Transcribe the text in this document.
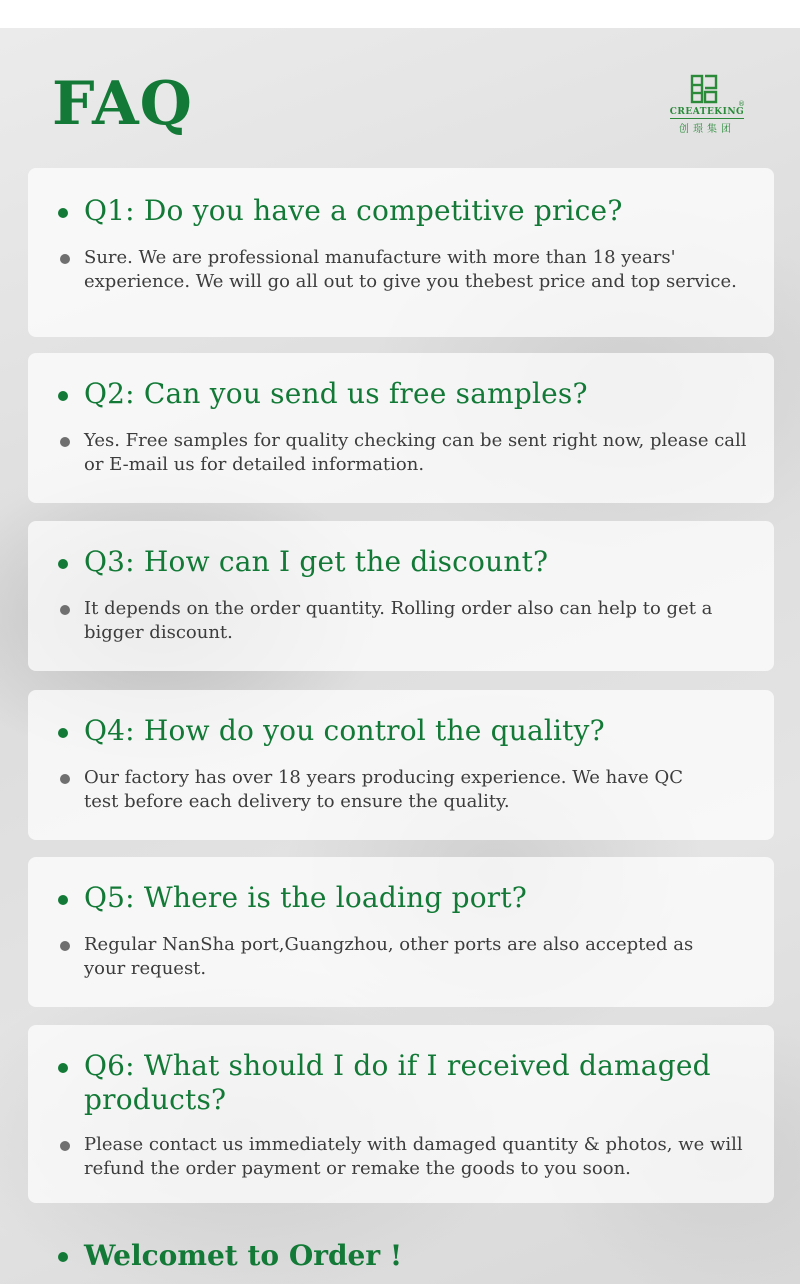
FAQ	®
CREATEKING
创璟集团
Q1: Do you have a competitive price?
Sure. We are professional manufacture with more than 18 years' experience. We will go all out to give you thebest price and top service.
Q2: Can you send us free samples?
Yes. Free samples for quality checking can be sent right now, please call or E-mail us for detailed information.
Q3: How can I get the discount?
It depends on the order quantity. Rolling order also can help to get a bigger discount.
Q4: How do you control the quality?
Our factory has over 18 years producing experience. We have QC test before each delivery to ensure the quality.
Q5: Where is the loading port?
Regular NanSha port,Guangzhou, other ports are also accepted as your request.
Q6: What should I do if I received damaged products?
Please contact us immediately with damaged quantity & photos, we will refund the order payment or remake the goods to you soon.
Welcomet to Order !
